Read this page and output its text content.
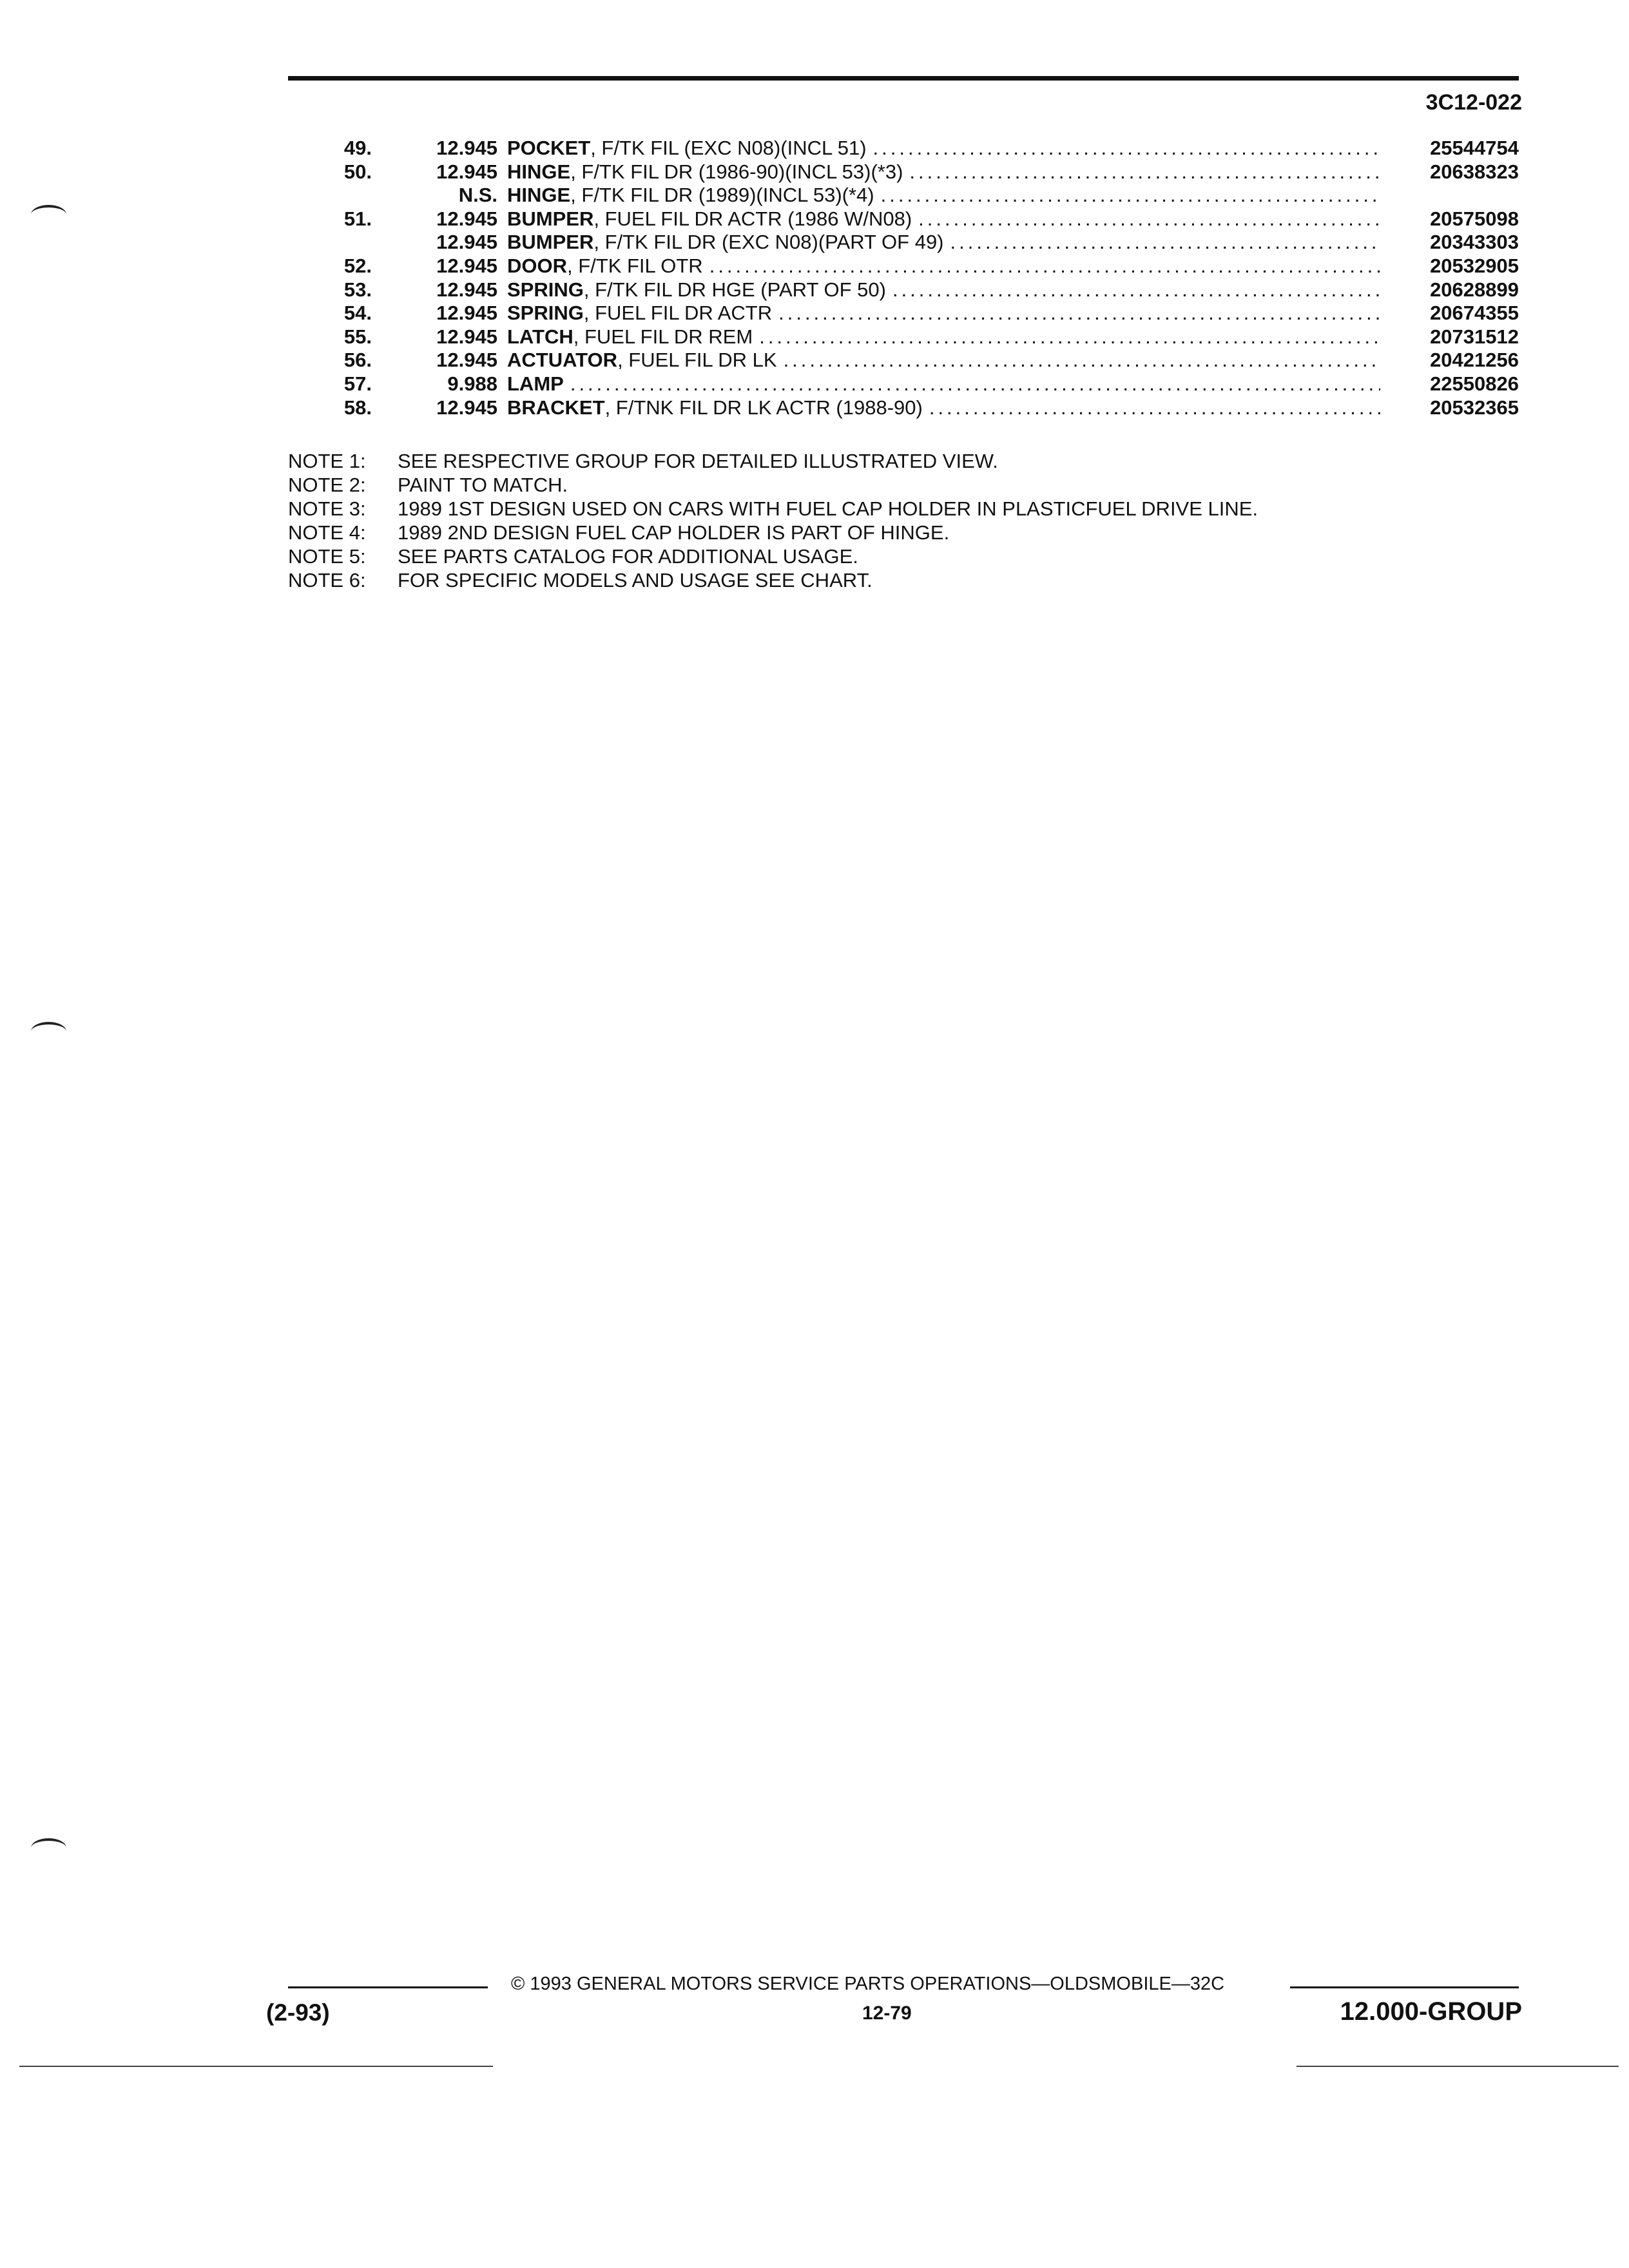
3C12-022
49.	12.945 POCKET, F/TK FIL (EXC N08)(INCL 51) .....	25544754
50.	12.945 HINGE, F/TK FIL DR (1986-90)(INCL 53)(*3) .....	20638323
N.S. HINGE, F/TK FIL DR (1989)(INCL 53)(*4) .....
51.	12.945 BUMPER, FUEL FIL DR ACTR (1986 W/N08) .....	20575098
12.945 BUMPER, F/TK FIL DR (EXC N08)(PART OF 49) .....	20343303
52.	12.945 DOOR, F/TK FIL OTR .....	20532905
53.	12.945 SPRING, F/TK FIL DR HGE (PART OF 50) .....	20628899
54.	12.945 SPRING, FUEL FIL DR ACTR .....	20674355
55.	12.945 LATCH, FUEL FIL DR REM .....	20731512
56.	12.945 ACTUATOR, FUEL FIL DR LK .....	20421256
57.	9.988 LAMP .....	22550826
58.	12.945 BRACKET, F/TNK FIL DR LK ACTR (1988-90) .....	20532365
NOTE 1: SEE RESPECTIVE GROUP FOR DETAILED ILLUSTRATED VIEW.
NOTE 2: PAINT TO MATCH.
NOTE 3: 1989 1ST DESIGN USED ON CARS WITH FUEL CAP HOLDER IN PLASTICFUEL DRIVE LINE.
NOTE 4: 1989 2ND DESIGN FUEL CAP HOLDER IS PART OF HINGE.
NOTE 5: SEE PARTS CATALOG FOR ADDITIONAL USAGE.
NOTE 6: FOR SPECIFIC MODELS AND USAGE SEE CHART.
© 1993 GENERAL MOTORS SERVICE PARTS OPERATIONS—OLDSMOBILE—32C
(2-93)	12-79	12.000-GROUP
